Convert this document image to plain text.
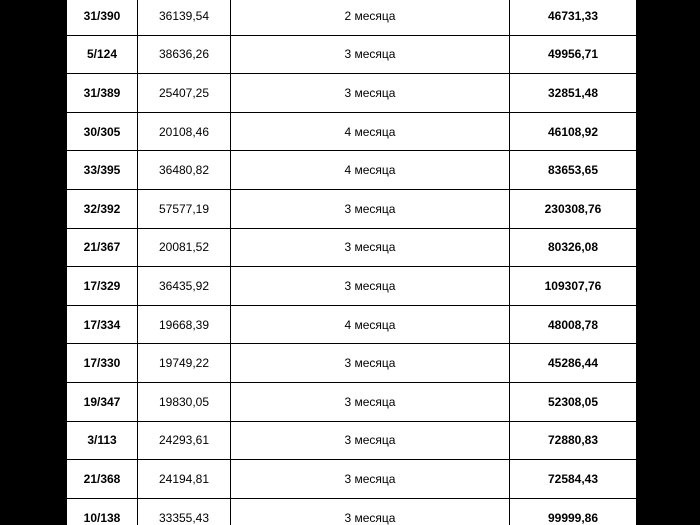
31/390	36139,54	2 месяца	46731,33
5/124	38636,26	3 месяца	49956,71
31/389	25407,25	3 месяца	32851,48
30/305	20108,46	4 месяца	46108,92
33/395	36480,82	4 месяца	83653,65
32/392	57577,19	3 месяца	230308,76
21/367	20081,52	3 месяца	80326,08
17/329	36435,92	3 месяца	109307,76
17/334	19668,39	4 месяца	48008,78
17/330	19749,22	3 месяца	45286,44
19/347	19830,05	3 месяца	52308,05
3/113	24293,61	3 месяца	72880,83
21/368	24194,81	3 месяца	72584,43
10/138	33355,43	3 месяца	99999,86
